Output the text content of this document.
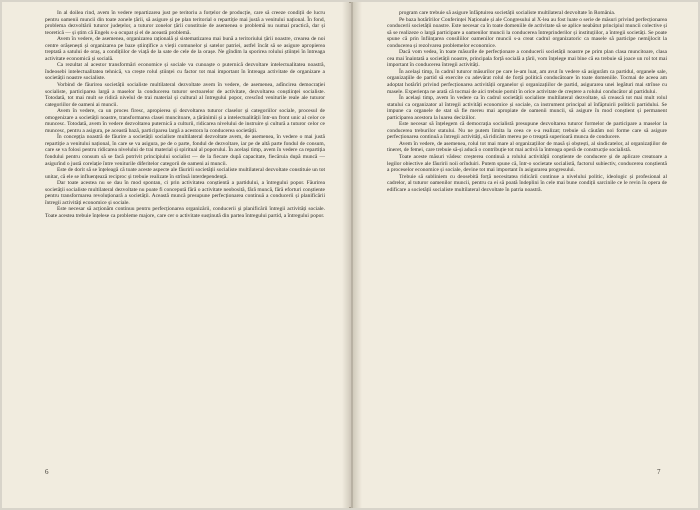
In al doilea rind, avem în vedere repartizarea just pe teritoriu a forțelor de producție, care să creeze condiții de lucru pentru oamenii muncii din toate zonele țării, să asigure și pe plan teritorial o repartiție mai justă a venitului național. În fond, problema dezvoltării tuturor județelor, a tuturor zonelor țării constituie de asemenea o problemă nu numai practică, dar și teoretică — și știm că Engels s-a ocupat și el de această problemă.

Avem în vedere, de asemenea, organizarea rațională și sistematizarea mai bună a teritoriului țării noastre, crearea de noi centre orășenești și organizarea pe baze științifice a vieții comunelor și satelor patriei, astfel încât să se asigure apropierea treptată a satului de oraș, a condițiilor de viață de la sate de cele de la orașe. Ne gîndim la sporirea rolului științei în întreaga activitate economică și socială.

Ca rezultat al acestor transformări economice și sociale va cunoaște o puternică dezvoltare intelectualitatea noastră, îndeosebi intelectualitatea tehnică, va crește rolul științei cu factor tot mai important în întreaga activitate de organizare a societății noastre socialiste.

Vorbind de făurirea societății socialiste multilateral dezvoltate avem în vedere, de asemenea, adîncirea democrației socialiste, participarea largă a maselor la conducerea tuturor sectoarelor de activitate, dezvoltarea conștiinței socialiste. Totodată, tot mai mult se ridică nivelul de trai material și cultural al întregului popor, crescînd veniturile reale ale tuturor categoriilor de oameni ai muncii.

Avem în vedere, ca un proces firesc, apropierea și dezvoltarea tuturor claselor și categoriilor sociale, procesul de omogenizare a societății noastre, transformarea clasei muncitoare, a țărănimii și a intelectualității într-un front unic al celor ce muncesc. Totodată, avem în vedere dezvoltarea puternică a culturii, ridicarea nivelului de instruire și cultură a tuturor celor ce muncesc, pentru a asigura, pe această bază, participarea largă a acestora la conducerea societății.

În concepția noastră de făurire a societății socialiste multilateral dezvoltate avem, de asemenea, în vedere o mai justă repartiție a venitului național, în care se va asigura, pe de o parte, fondul de dezvoltare, iar pe de altă parte fondul de consum, care se va folosi pentru ridicarea nivelului de trai material și spiritual al poporului. În același timp, avem în vedere ca repartiția fondului pentru consum să se facă potrivit principiului socialist — de la fiecare după capacitate, fiecăruia după muncă — asigurînd o justă corelație între veniturile diferitelor categorii de oameni ai muncii.

Este de dorit să se înțeleagă că toate aceste aspecte ale făuririi societății socialiste multilateral dezvoltate constituie un tot unitar, că ele se influențează reciproc și trebuie realizate în strînsă interdependență.

Dar toate acestea nu se dau în mod spontan, ci prin activitatea conștientă a partidului, a întregului popor. Făurirea societății socialiste multilateral dezvoltate nu poate fi concepută fără o activitate neobosită, fără muncă, fără eforturi conștiente pentru transformarea revoluționară a societății. Această muncă presupune perfecționarea continuă a conducerii și planificării întregii activități economice și sociale.

Este necesar să acționăm continuu pentru perfecționarea organizării, conducerii și planificării întregii activități sociale. Toate acestea trebuie înțelese ca probleme majore, care cer o activitate susținută din partea întregului partid, a întregului popor.

6

program care trebuie să asigure înfăptuirea societății socialiste multilateral dezvoltate în România.

Pe baza hotărîrilor Conferinței Naționale și ale Congresului al X-lea au fost luate o serie de măsuri privind perfecționarea conducerii societății noastre. Este necesar ca în toate domeniile de activitate să se aplice neabătut principiul muncii colective și să se realizeze o largă participare a oamenilor muncii la conducerea întreprinderilor și instituțiilor, a întregii societăți. Se poate spune că prin înființarea consiliilor oamenilor muncii s-a creat cadrul organizatoric ca masele să participe nemijlocit la conducerea și rezolvarea problemelor economice.

Dacă vom vedea, în toate măsurile de perfecționare a conducerii societății noastre pe prim plan clasa muncitoare, clasa cea mai înaintată a societății noastre, principala forță socială a țării, vom înțelege mai bine că ea trebuie să joace un rol tot mai important în conducerea întregii activități.

În același timp, în cadrul tuturor măsurilor pe care le-am luat, am avut în vedere să asigurăm ca partidul, organele sale, organizațiile de partid să exercite cu adevărat rolul de forță politică conducătoare în toate domeniile. Tocmai de aceea am adoptat hotărîri privind perfecționarea activității organelor și organizațiilor de partid, asigurarea unei legături mai strînse cu masele. Experiența ne arată că tocmai de aici trebuie pornit în orice activitate de creștere a rolului conducător al partidului.

În același timp, avem în vedere ca în cadrul societății socialiste multilateral dezvoltate, să crească tot mai mult rolul statului ca organizator al întregii activități economice și sociale, ca instrument principal al înfăptuirii politicii partidului. Se impune ca organele de stat să fie mereu mai apropiate de oamenii muncii, să asigure în mod conștient și permanent participarea acestora la luarea deciziilor.

Este necesar să înțelegem că democrația socialistă presupune dezvoltarea tuturor formelor de participare a maselor la conducerea treburilor statului. Nu ne putem limita la ceea ce s-a realizat; trebuie să căutăm noi forme care să asigure perfecționarea continuă a întregii activități, să ridicăm mereu pe o treaptă superioară munca de conducere.

Avem în vedere, de asemenea, rolul tot mai mare al organizațiilor de masă și obștești, al sindicatelor, al organizațiilor de tineret, de femei, care trebuie să-și aducă o contribuție tot mai activă la întreaga operă de construcție socialistă.

Toate aceste măsuri vădesc creșterea continuă a rolului activității conștiente de conducere și de aplicare creatoare a legilor obiective ale făuririi noii orînduiri. Putem spune că, într-o societate socialistă, factorul subiectiv, conducerea conștientă a proceselor economice și sociale, devine tot mai important în asigurarea progresului.

Trebuie să subliniem cu deosebită forță necesitatea ridicării continue a nivelului politic, ideologic și profesional al cadrelor, al tuturor oamenilor muncii, pentru ca ei să poată îndeplini în cele mai bune condiții sarcinile ce le revin în opera de edificare a societății socialiste multilateral dezvoltate în patria noastră.

7
